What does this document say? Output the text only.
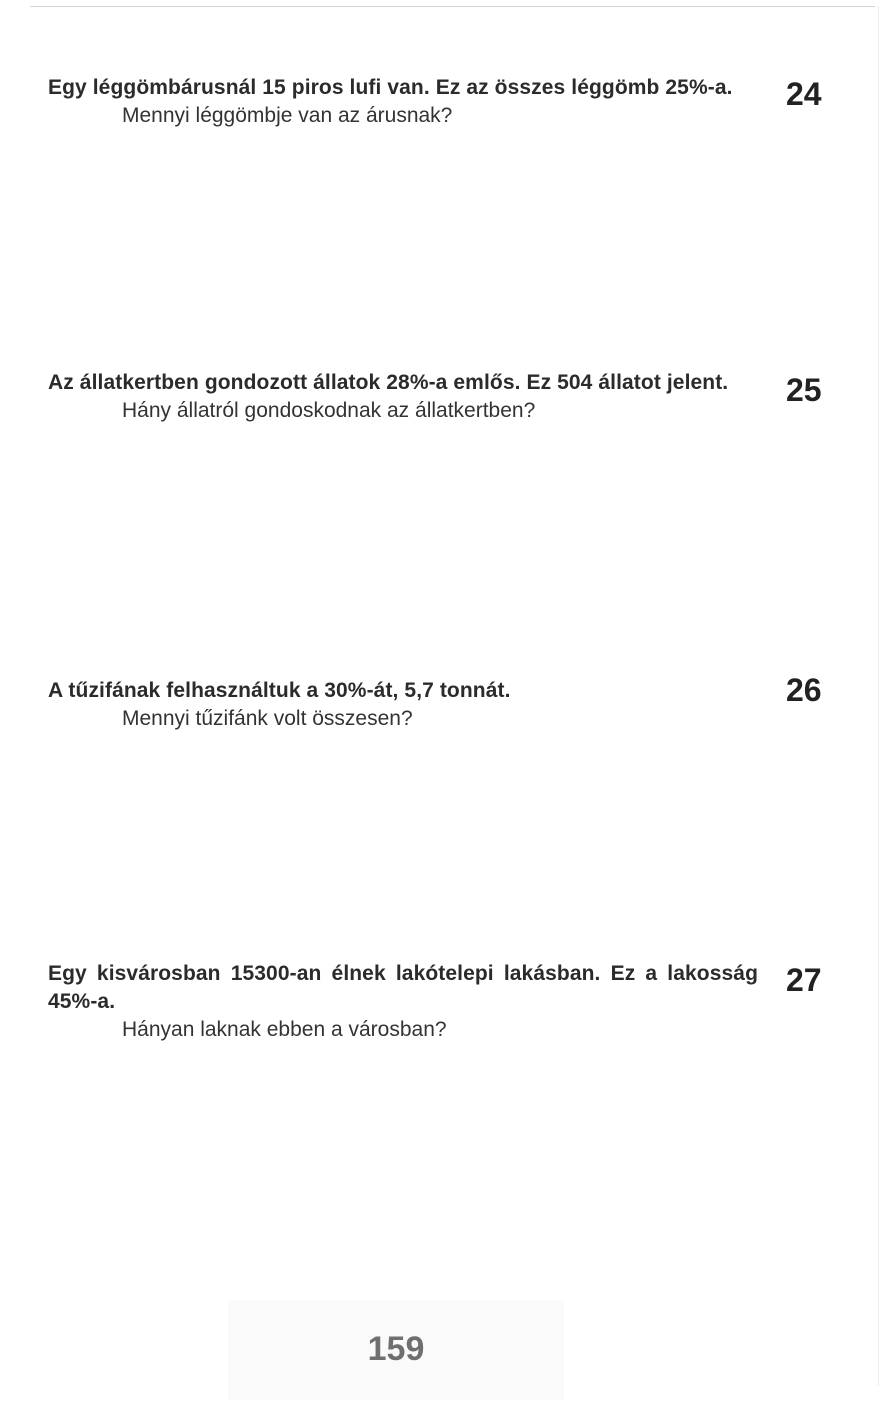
Egy léggömbárusnál 15 piros lufi van. Ez az összes léggömb 25%-a.
Mennyi léggömbje van az árusnak?
24
Az állatkertben gondozott állatok 28%-a emlős. Ez 504 állatot jelent.
Hány állatról gondoskodnak az állatkertben?
25
A tűzifának felhasználtuk a 30%-át, 5,7 tonnát.
Mennyi tűzifánk volt összesen?
26
Egy kisvárosban 15300-an élnek lakótelepi lakásban. Ez a lakosság 45%-a.
Hányan laknak ebben a városban?
27
159
